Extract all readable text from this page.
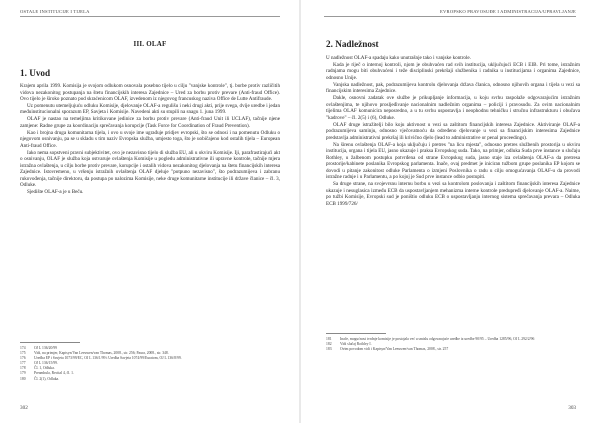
OSTALE INSTITUCIJE I TIJELA
III. OLAF
1. Uvod

Krajem aprila 1999. Komisija je svojom odlukom osnovala posebno tijelo u cilju "vanjske kontrole", tj. borbe protiv različitih vidova nezakonitog postupanja na štetu financijskih interesa Zajednice – Ured za borbu protiv prevare (Anti-fraud Office). Ovo tijelo je široko poznato pod skraćenicom OLAF, izvedenom iz njegovog francuskog naziva Office de Lutte Antifraude.

Uz pomenutu utemeljujuću odluku Komisije, djelovanje OLAF-a regulišu i neki drugi akti, prije svega, dvije uredbe i jedan međuinstitucionalni sporazum EP, Savjeta i Komisije. Navedeni akti su stupili na snagu 1. juna 1999.

OLAF je nastao na temeljima kritikovane jedinice za borbu protiv prevare (Anti-fraud Unit ili UCLAF), tačnije njene zamjene: Radne grupe za koordinaciju sprečavanja korupcije (Task Force for Coordination of Fraud Prevention).

Kao i brojna druga komunitarna tijela, i ovo u svoje ime ugrađuje pridjev evropski, što se odnosi i na pomenutu Odluku o njegovom osnivanju, pa se u skladu s tim naziv Evropska služba, umjesto toga, što je uobičajeno kod ostalih tijela – European Anti-fraud Office.

Iako nema sopstveni pravni subjektivitet, ovo je nezavisno tijelo di služba EU, ali u okviru Komisije. Iji, parafrastirajući akt o osnivanju, OLAF je služba koja ostvaruje ovlaštenja Komisije u pogledu administrativne ili upravne kontrole, tačnije mjera istražna ovlaštenja, u cilju borbe protiv prevare, korupcije i ostalih vidova nezakonitog djelovanja na štetu financijskih interesa Zajednice. Istovremeno, u vršenju istražnih ovlaštenja OLAF djeluje "potpuno nezavisno", što podrazumijeva i zabranu rukovođenja, tačnije direktoru, da postupa po nalozima Komisije, neke druge komunitarne institucije ili države članice – čl. 3, Odluke.

Sjedište OLAF-a je u Beču.

174	OJ L 136/20/99
175	Vidi, na primjer, Kaptsyn/Van Leeuwen/van Thomas, 2008., str. 256; Paura, 2008., str. 348.
176	Uredba EP i Savjeta 1073/99/EC, OJ L 136/1/99 i Uredba Savjeta 1074/99/Euratom, OJ L 136/8/99.
177	OJ L 136/15/99.
178	Čl. 1, Odluka.
179	Preambula, Recital 4, čl. 1.
180	Čl. 2(1), Odluka.
302
EVROPSKO PRAVOSUĐE I ADMINISTRACIJA/UPRAVLJANJE
2. Nadležnost

U nadležnost OLAF-a spadaju kako unutrašnje tako i vanjske kontrole.

Kada je riječ o internoj kontroli, njom je obuhvaćen rad svih institucija, uključujući ECB i EIB. Pri tome, istražnim radnjama mogu biti obuhvaćeni i teže disciplinski prekršaji službenika i radnika u institucijama i organima Zajednice, odnosno Unije.

Vanjska nadležnost, pak, podrazumijeva kontrolu djelovanja država članica, odnosno njihovih organa i tijela u vezi sa financijskim interesima Zajednice.

Dakle, osnovni zadatak ove službe je prikupljanje informacija, u koju svrhu raspolaže odgovarajućim istražnim ovlaštenjima, te njihovo prosljeđivanje nacionalnim nadležnim organima – policiji i pravosuđu. Za ovim nacionalnim tijelima OLAF komunicira neposredno, a u tu svrhu uspostavlja i neophodnu tehničku i stručnu infrastrukturu i obučava "kadrove" – čl. 2(5) i (6), Odluke.

OLAF druge istražitelji bilo koju aktivnost u vezi sa zaštitom financijskih interesa Zajednice. Aktiviranje OLAF-a podrazumijeva saminju, odnosno vječovatnoću da određeno djelovanje u vezi sa financijskim interesima Zajednice predstavlja administrativni prekršaj ili krivično djelo (lead to administrative or penal proceedings).

Na širenu ovlaštenja OLAF-a koja uključuju i pretres "na licu mjesta", odnosno pretres službenih prostorija u okviru institucija, organa i tijela EU, jasno ukazuje i praksa Evropskog suda. Tako, na primjer, odluka Suda prve instance u slučaju Rothley, u žalbenom postupku potvrđena od strane Evropskog suda, jasno staje iza ovlaštenja OLAF-a da pretresa prostorije/kabinete poslanika Evropskog parlamenta. Inače, ovaj predmet je iniciran tužbom grupe poslanika EP kojom se dovodi u pitanje zakonitost odluke Parlamenta o izmjeni Poslovnika o radu u cilju omogućavanja OLAF-u da provodi istražne radnje i u Parlamentu, a po kojoj je Sud prve instance odbio postupiti.

Sa druge strane, na svojevrsnu internu borbu u vezi sa kontrolom poslovanja i zaštitom financijskih interesa Zajednice ukazuje i nesuglasica između ECB da uspostavljanjem mehanizma interne kontrole predupređi djelovanje OLAF-a. Naime, po tužbi Komisije, Evropski sud je poništio odluku ECB o uspostavljanju internog sistema sprečavanja prevara – Odluka ECB 1999/726/

181	Inače, mogućnost tvrdnje komisije je postojala već u smislu odgovarajuće uredbe iz uredbe 90/95 – Uredba 1285/96, OJ L 292/2/96
182	Vidi slučaj Rothley I.
183	Ovim povodom vidi i Kaptsyn/Van Leeuwen/van Thomas, 2008., str. 257
303
